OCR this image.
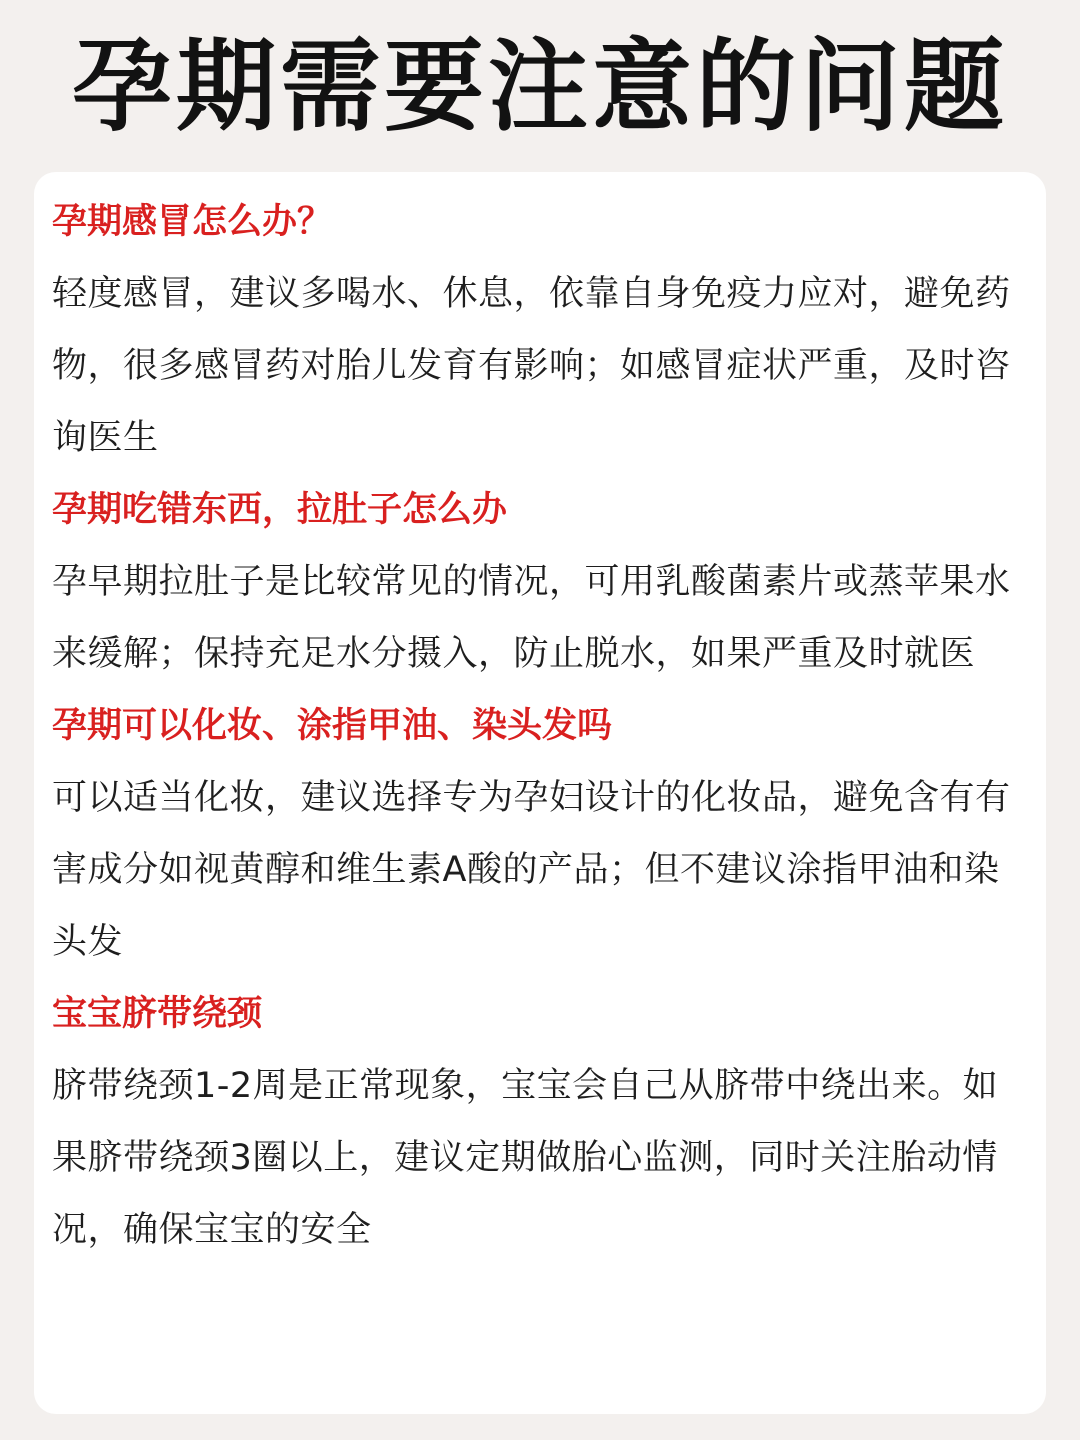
孕期需要注意的问题
孕期感冒怎么办？
轻度感冒，建议多喝水、休息，依靠自身免疫力应对，避免药物，很多感冒药对胎儿发育有影响；如感冒症状严重，及时咨询医生
孕期吃错东西，拉肚子怎么办
孕早期拉肚子是比较常见的情况，可用乳酸菌素片或蒸苹果水来缓解；保持充足水分摄入，防止脱水，如果严重及时就医
孕期可以化妆、涂指甲油、染头发吗
可以适当化妆，建议选择专为孕妇设计的化妆品，避免含有有害成分如视黄醇和维生素A酸的产品；但不建议涂指甲油和染头发
宝宝脐带绕颈
脐带绕颈1-2周是正常现象，宝宝会自己从脐带中绕出来。如果脐带绕颈3圈以上，建议定期做胎心监测，同时关注胎动情况，确保宝宝的安全
